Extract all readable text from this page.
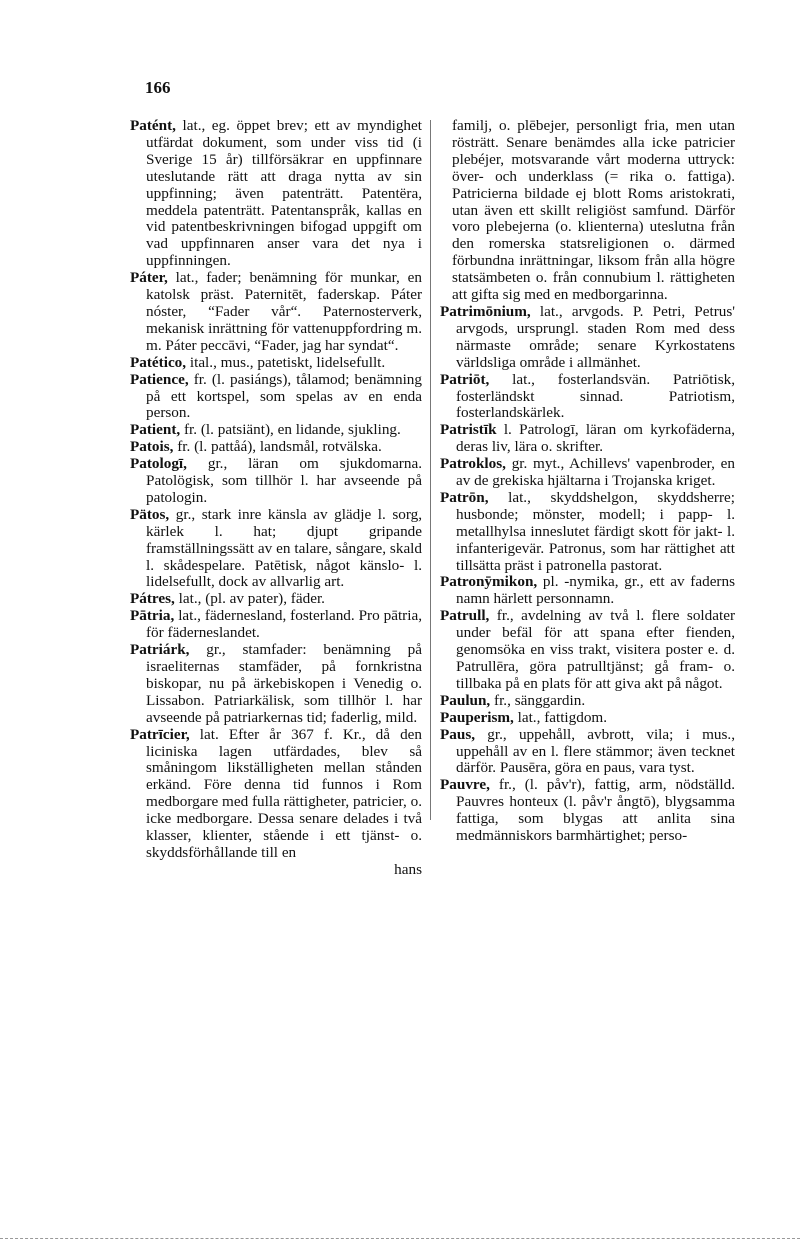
166

Patént, lat., eg. öppet brev; ett av myndighet utfärdat dokument, som under viss tid (i Sverige 15 år) tillförsäkrar en uppfinnare uteslutande rätt att draga nytta av sin uppfinning; även patenträtt. Patentëra, meddela patenträtt. Patentanspråk, kallas en vid patentbeskrivningen bifogad uppgift om vad uppfinnaren anser vara det nya i uppfinningen.

Páter, lat., fader; benämning för munkar, en katolsk präst. Paternitēt, faderskap. Páter nóster, “Fader vår“. Paternosterverk, mekanisk inrättning för vattenuppfordring m. m. Páter peccāvi, “Fader, jag har syndat“.

Patético, ital., mus., patetiskt, lidelsefullt.

Patience, fr. (l. pasiángs), tålamod; benämning på ett kortspel, som spelas av en enda person.

Patient, fr. (l. patsiänt), en lidande, sjukling.

Patois, fr. (l. pattåá), landsmål, rotvälska.

Patologī, gr., läran om sjukdomarna. Patolögisk, som tillhör l. har avseende på patologin.

Pätos, gr., stark inre känsla av glädje l. sorg, kärlek l. hat; djupt gripande framställningssätt av en talare, sångare, skald l. skådespelare. Patētisk, något känslo- l. lidelsefullt, dock av allvarlig art.

Pátres, lat., (pl. av pater), fäder.

Pātria, lat., fädernesland, fosterland. Pro pātria, för fäderneslandet.

Patriárk, gr., stamfader: benämning på israeliternas stamfäder, på fornkristna biskopar, nu på ärkebiskopen i Venedig o. Lissabon. Patriarkälisk, som tillhör l. har avseende på patriarkernas tid; faderlig, mild.

Patrīcier, lat. Efter år 367 f. Kr., då den liciniska lagen utfärdades, blev så småningom likställigheten mellan stånden erkänd. Före denna tid funnos i Rom medborgare med fulla rättigheter, patricier, o. icke medborgare. Dessa senare delades i två klasser, klienter, stående i ett tjänst- o. skyddsförhållande till en

hans

familj, o. plēbejer, personligt fria, men utan rösträtt. Senare benämdes alla icke patricier plebéjer, motsvarande vårt moderna uttryck: över- och underklass (= rika o. fattiga). Patricierna bildade ej blott Roms aristokrati, utan även ett skillt religiöst samfund. Därför voro plebejerna (o. klienterna) uteslutna från den romerska statsreligionen o. därmed förbundna inrättningar, liksom från alla högre statsämbeten o. från connubium l. rättigheten att gifta sig med en medborgarinna.

Patrimōnium, lat., arvgods. P. Petri, Petrus' arvgods, ursprungl. staden Rom med dess närmaste område; senare Kyrkostatens världsliga område i allmänhet.

Patriōt, lat., fosterlandsvän. Patriōtisk, fosterländskt sinnad. Patriotism, fosterlandskärlek.

Patristīk l. Patrologī, läran om kyrkofäderna, deras liv, lära o. skrifter.

Patroklos, gr. myt., Achillevs' vapenbroder, en av de grekiska hjältarna i Trojanska kriget.

Patrōn, lat., skyddshelgon, skyddsherre; husbonde; mönster, modell; i papp- l. metallhylsa inneslutet färdigt skott för jakt- l. infanterigevär. Patronus, som har rättighet att tillsätta präst i patronella pastorat.

Patronȳmikon, pl. -nymika, gr., ett av faderns namn härlett personnamn.

Patrull, fr., avdelning av två l. flere soldater under befäl för att spana efter fienden, genomsöka en viss trakt, visitera poster e. d. Patrullēra, göra patrulltjänst; gå fram- o. tillbaka på en plats för att giva akt på något.

Paulun, fr., sänggardin.

Pauperism, lat., fattigdom.

Paus, gr., uppehåll, avbrott, vila; i mus., uppehåll av en l. flere stämmor; även tecknet därför. Pausēra, göra en paus, vara tyst.

Pauvre, fr., (l. påv'r), fattig, arm, nödställd. Pauvres honteux (l. påv'r ångtō), blygsamma fattiga, som blygas att anlita sina medmänniskors barmhärtighet; perso-
